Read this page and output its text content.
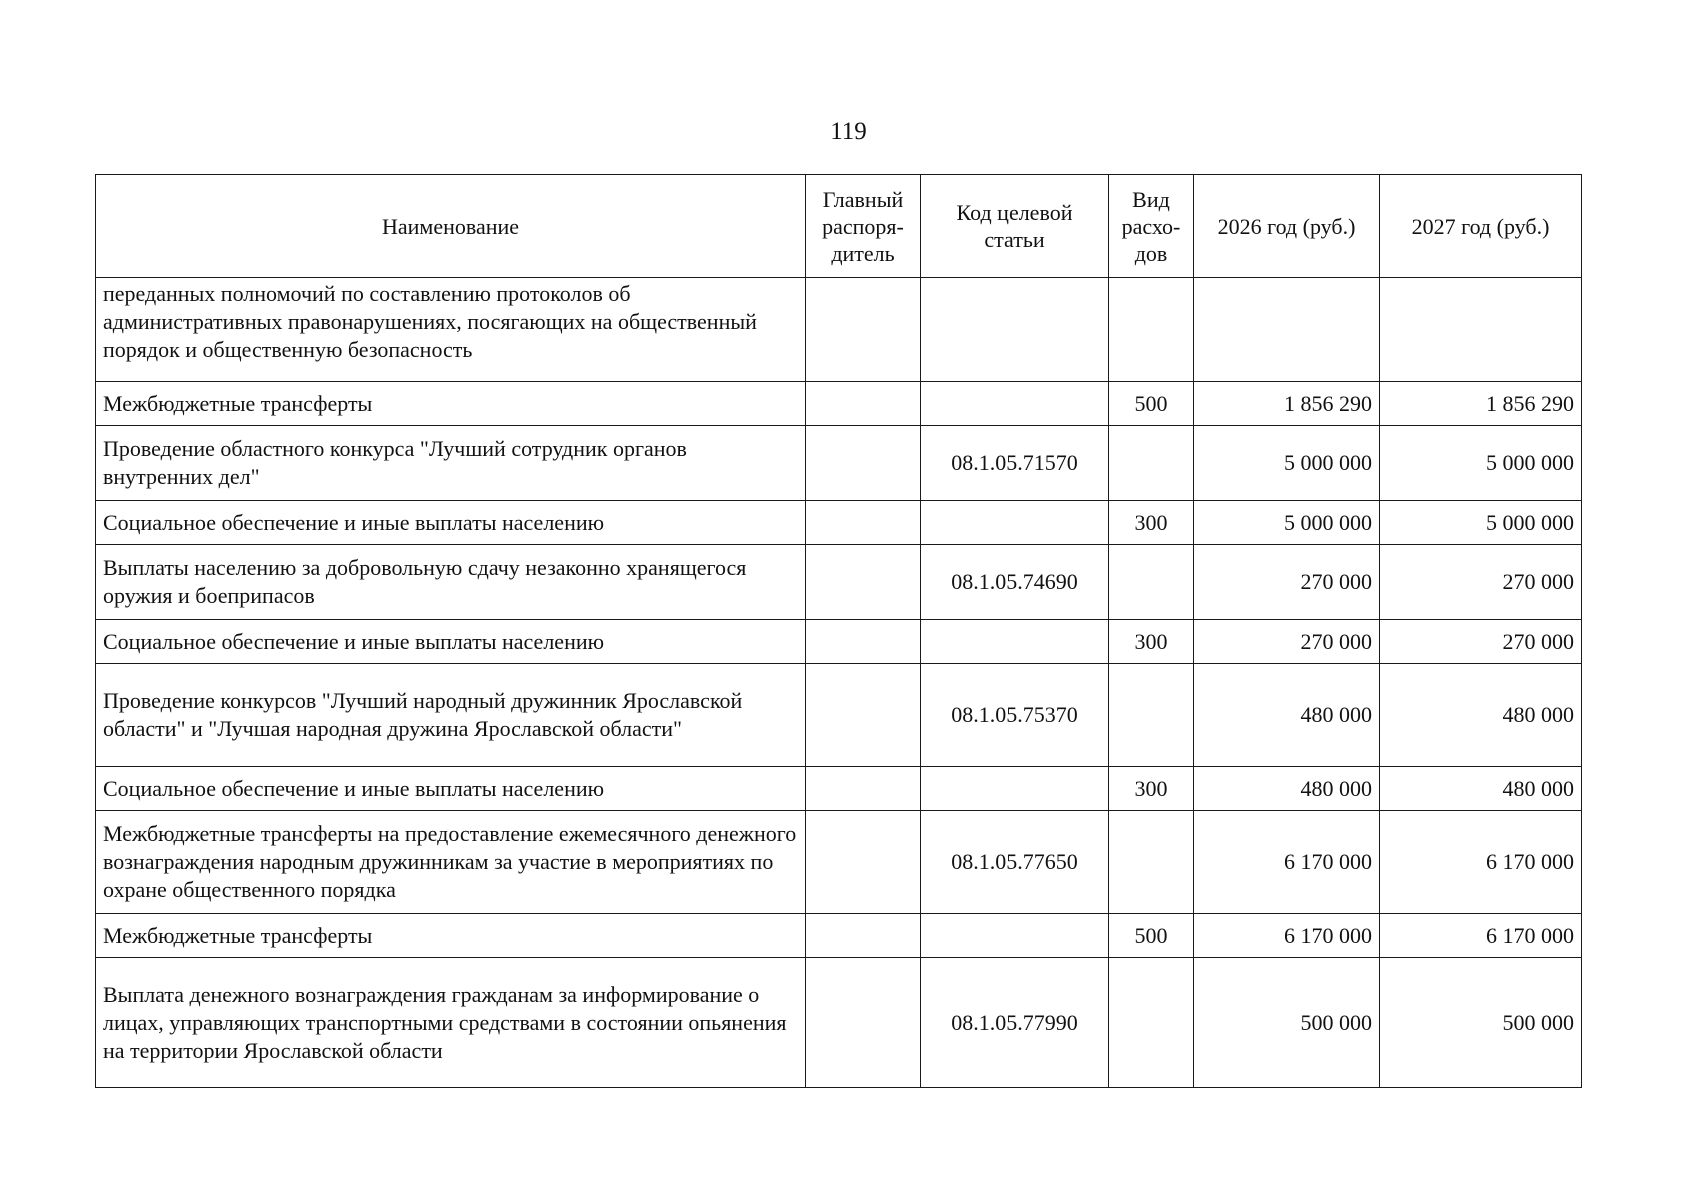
119
Наименование	Главный распоря-дитель	Код целевой статьи	Вид расхо-дов	2026 год (руб.)	2027 год (руб.)
переданных полномочий по составлению протоколов об административных правонарушениях, посягающих на общественный порядок и общественную безопасность					
Межбюджетные трансферты			500	1 856 290	1 856 290
Проведение областного конкурса "Лучший сотрудник органов внутренних дел"		08.1.05.71570		5 000 000	5 000 000
Социальное обеспечение и иные выплаты населению			300	5 000 000	5 000 000
Выплаты населению за добровольную сдачу незаконно хранящегося оружия и боеприпасов		08.1.05.74690		270 000	270 000
Социальное обеспечение и иные выплаты населению			300	270 000	270 000
Проведение конкурсов "Лучший народный дружинник Ярославской области" и "Лучшая народная дружина Ярославской области"		08.1.05.75370		480 000	480 000
Социальное обеспечение и иные выплаты населению			300	480 000	480 000
Межбюджетные трансферты на предоставление ежемесячного денежного вознаграждения народным дружинникам за участие в мероприятиях по охране общественного порядка		08.1.05.77650		6 170 000	6 170 000
Межбюджетные трансферты			500	6 170 000	6 170 000
Выплата денежного вознаграждения гражданам за информирование о лицах, управляющих транспортными средствами в состоянии опьянения на территории Ярославской области		08.1.05.77990		500 000	500 000
